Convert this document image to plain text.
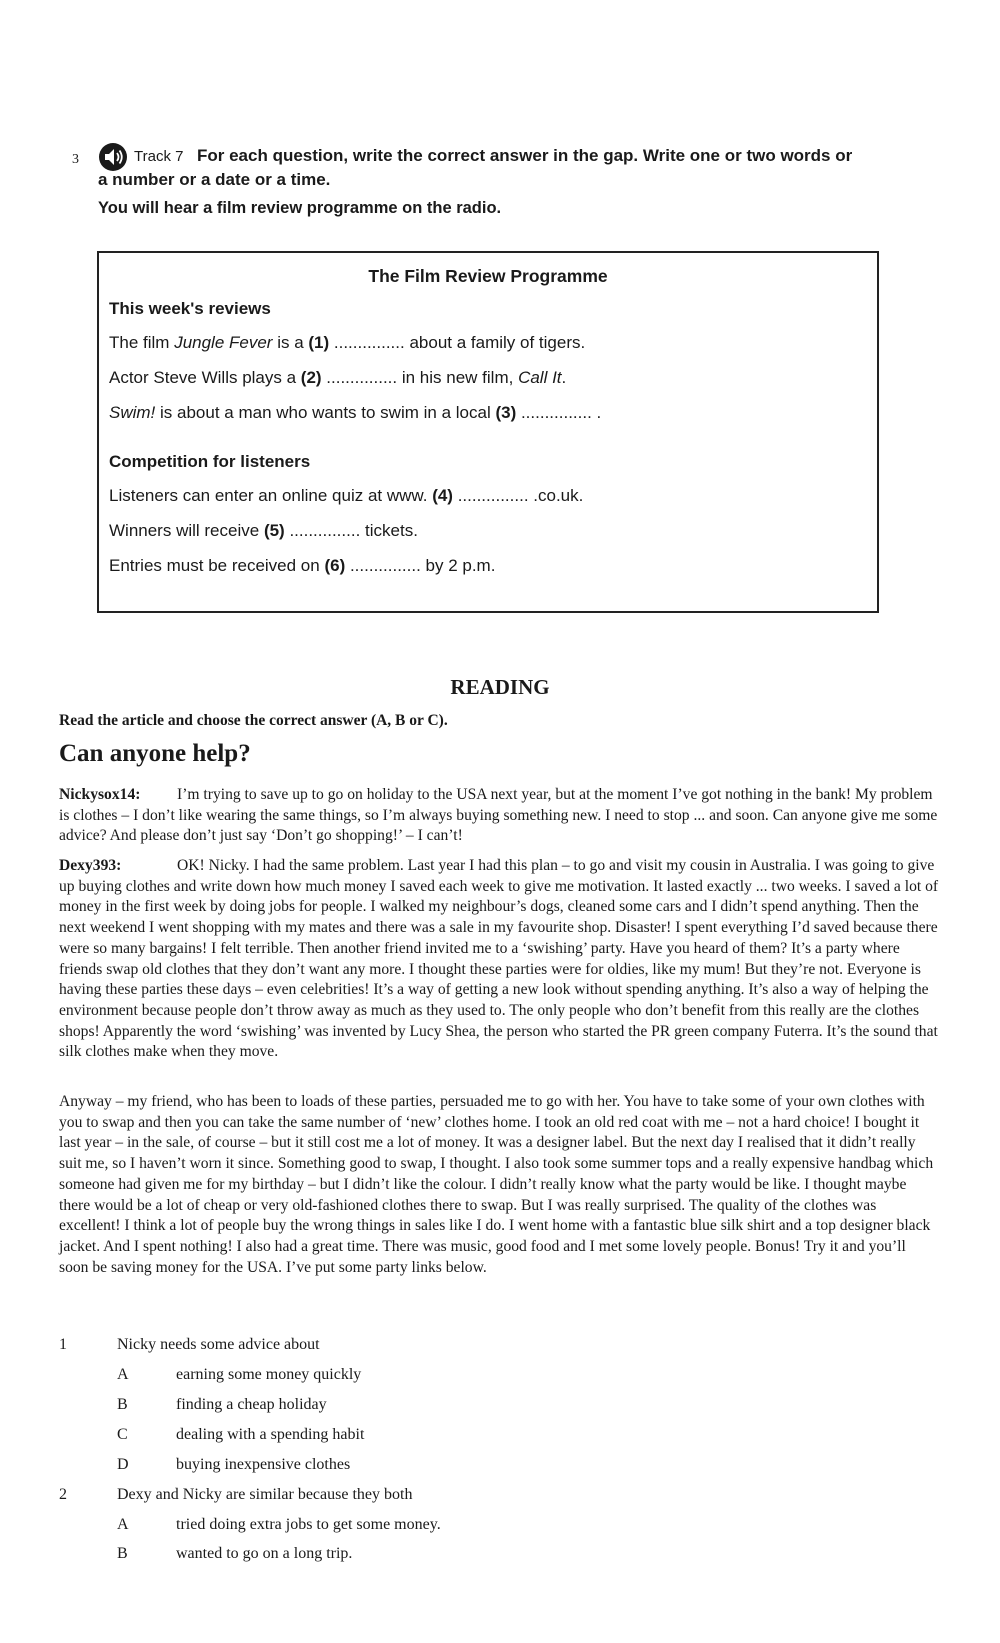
3	Track 7 For each question, write the correct answer in the gap. Write one or two words or
a number or a date or a time.
You will hear a film review programme on the radio.
The Film Review Programme
This week's reviews
The film Jungle Fever is a (1) ............... about a family of tigers.
Actor Steve Wills plays a (2) ............... in his new film, Call It.
Swim! is about a man who wants to swim in a local (3) ............... .
Competition for listeners
Listeners can enter an online quiz at www. (4) ............... .co.uk.
Winners will receive (5) ............... tickets.
Entries must be received on (6) ............... by 2 p.m.
READING
Read the article and choose the correct answer (A, B or C).
Can anyone help?
Nickysox14: I’m trying to save up to go on holiday to the USA next year, but at the moment I’ve got nothing in the bank! My problem is clothes – I don’t like wearing the same things, so I’m always buying something new. I need to stop ... and soon. Can anyone give me some advice? And please don’t just say ‘Don’t go shopping!’ – I can’t!
Dexy393:	OK! Nicky. I had the same problem. Last year I had this plan – to go and visit my cousin in Australia. I was going to give up buying clothes and write down how much money I saved each week to give me motivation. It lasted exactly ... two weeks. I saved a lot of money in the first week by doing jobs for people. I walked my neighbour’s dogs, cleaned some cars and I didn’t spend anything. Then the next weekend I went shopping with my mates and there was a sale in my favourite shop. Disaster! I spent everything I’d saved because there were so many bargains! I felt terrible. Then another friend invited me to a ‘swishing’ party. Have you heard of them? It’s a party where friends swap old clothes that they don’t want any more. I thought these parties were for oldies, like my mum! But they’re not. Everyone is having these parties these days – even celebrities! It’s a way of getting a new look without spending anything. It’s also a way of helping the environment because people don’t throw away as much as they used to. The only people who don’t benefit from this really are the clothes shops! Apparently the word ‘swishing’ was invented by Lucy Shea, the person who started the PR green company Futerra. It’s the sound that silk clothes make when they move.
Anyway – my friend, who has been to loads of these parties, persuaded me to go with her. You have to take some of your own clothes with you to swap and then you can take the same number of ‘new’ clothes home. I took an old red coat with me – not a hard choice! I bought it last year – in the sale, of course – but it still cost me a lot of money. It was a designer label. But the next day I realised that it didn’t really suit me, so I haven’t worn it since. Something good to swap, I thought. I also took some summer tops and a really expensive handbag which someone had given me for my birthday – but I didn’t like the colour. I didn’t really know what the party would be like. I thought maybe there would be a lot of cheap or very old-fashioned clothes there to swap. But I was really surprised. The quality of the clothes was excellent! I think a lot of people buy the wrong things in sales like I do. I went home with a fantastic blue silk shirt and a top designer black jacket. And I spent nothing! I also had a great time. There was music, good food and I met some lovely people. Bonus! Try it and you’ll soon be saving money for the USA. I’ve put some party links below.
1	Nicky needs some advice about
A	earning some money quickly
B	finding a cheap holiday
C	dealing with a spending habit
D	buying inexpensive clothes
2	Dexy and Nicky are similar because they both
A	tried doing extra jobs to get some money.
B	wanted to go on a long trip.
